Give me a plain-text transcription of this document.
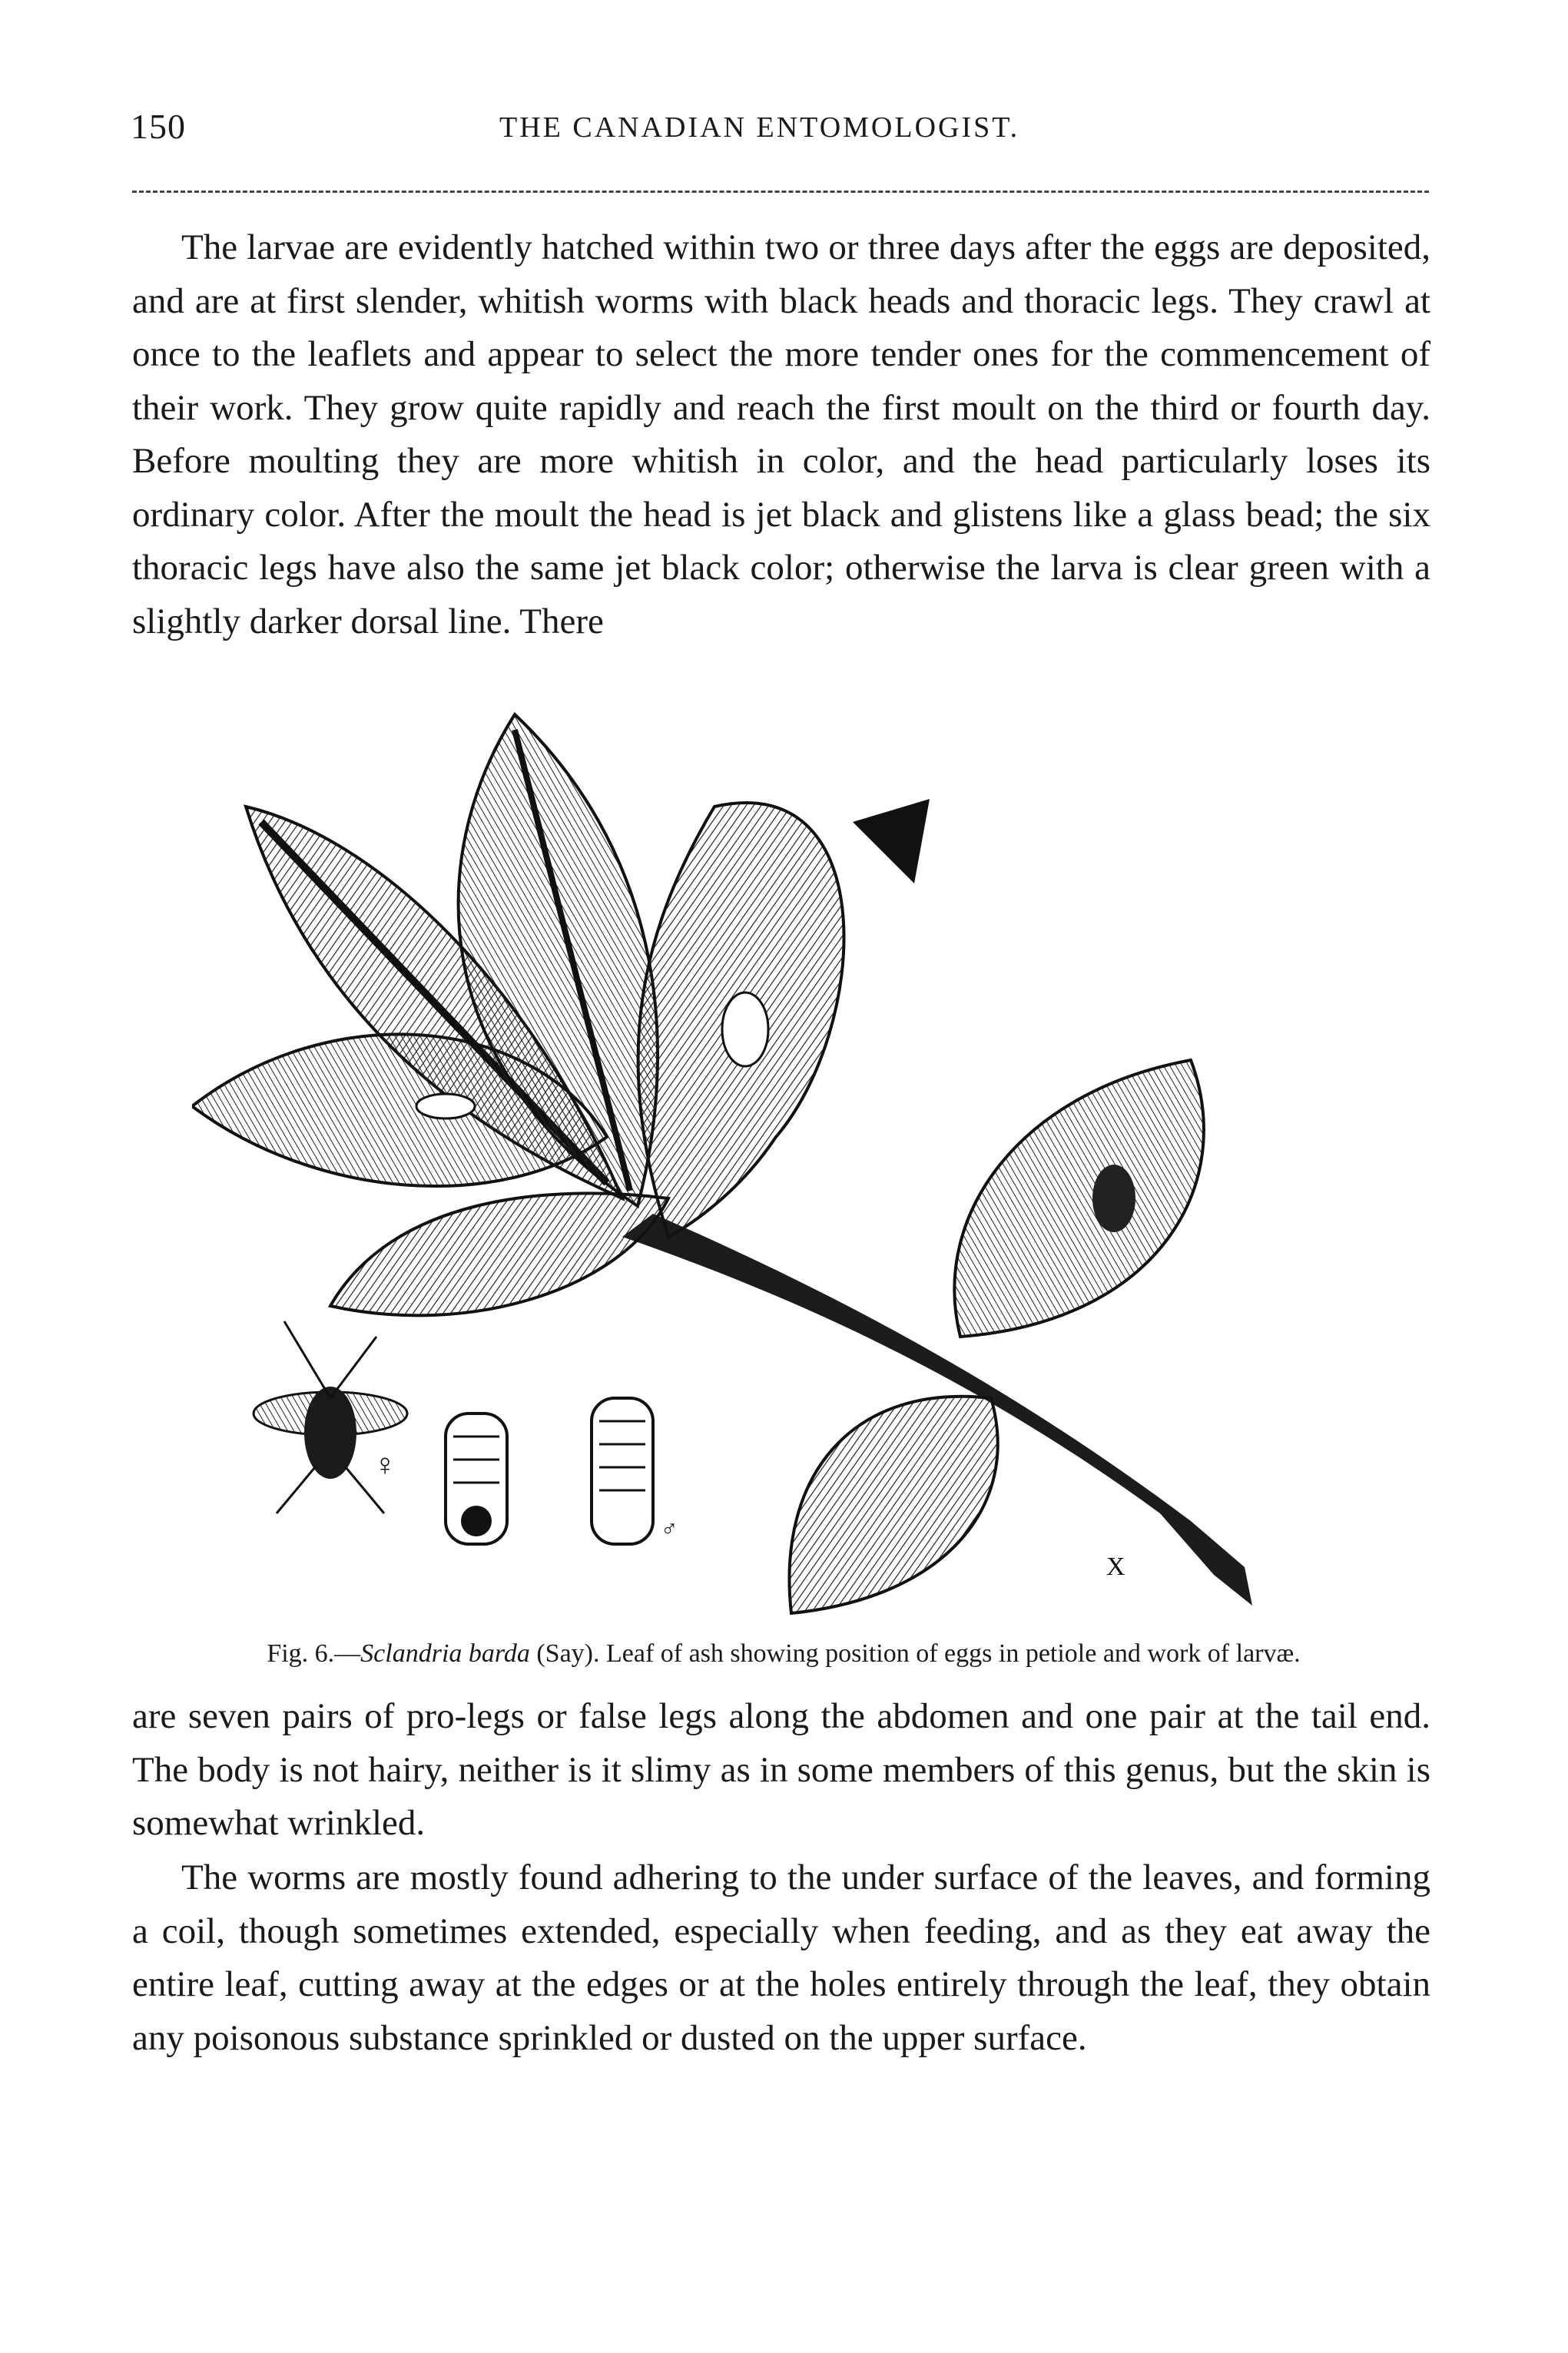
150	THE CANADIAN ENTOMOLOGIST.

The larvae are evidently hatched within two or three days after the eggs are deposited, and are at first slender, whitish worms with black heads and thoracic legs. They crawl at once to the leaflets and appear to select the more tender ones for the commencement of their work. They grow quite rapidly and reach the first moult on the third or fourth day. Before moulting they are more whitish in color, and the head particularly loses its ordinary color. After the moult the head is jet black and glistens like a glass bead; the six thoracic legs have also the same jet black color; otherwise the larva is clear green with a slightly darker dorsal line. There

♀
♂
X
Fig. 6.—Sclandria barda (Say). Leaf of ash showing position of eggs in petiole and work of larvæ.

are seven pairs of pro-legs or false legs along the abdomen and one pair at the tail end. The body is not hairy, neither is it slimy as in some members of this genus, but the skin is somewhat wrinkled.

The worms are mostly found adhering to the under surface of the leaves, and forming a coil, though sometimes extended, especially when feeding, and as they eat away the entire leaf, cutting away at the edges or at the holes entirely through the leaf, they obtain any poisonous substance sprinkled or dusted on the upper surface.
